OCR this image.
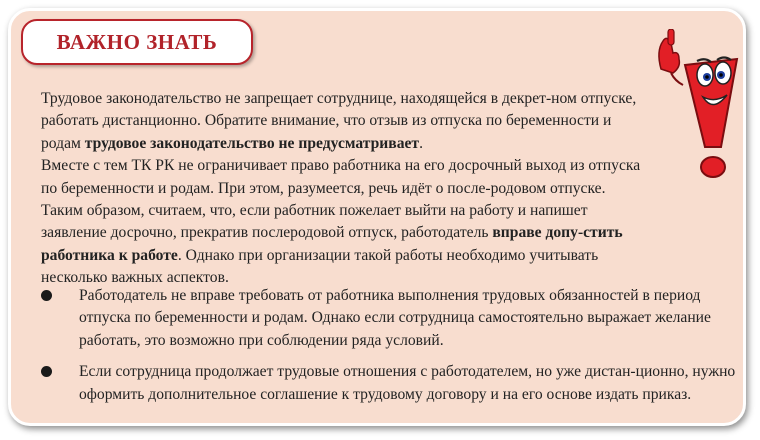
ВАЖНО ЗНАТЬ

Трудовое законодательство не запрещает сотруднице, находящейся в декрет-ном отпуске, работать дистанционно. Обратите внимание, что отзыв из отпуска по беременности и родам трудовое законодательство не предусматривает.

Вместе с тем ТК РК не ограничивает право работника на его досрочный выход из отпуска по беременности и родам. При этом, разумеется, речь идёт о после-родовом отпуске. Таким образом, считаем, что, если работник пожелает выйти на работу и напишет заявление досрочно, прекратив послеродовой отпуск, работодатель вправе допу-стить работника к работе. Однако при организации такой работы необходимо учитывать несколько важных аспектов.

Работодатель не вправе требовать от работника выполнения трудовых обязанностей в период отпуска по беременности и родам. Однако если сотрудница самостоятельно выражает желание работать, это возможно при соблюдении ряда условий.
Если сотрудница продолжает трудовые отношения с работодателем, но уже дистан-ционно, нужно оформить дополнительное соглашение к трудовому договору и на его основе издать приказ.
